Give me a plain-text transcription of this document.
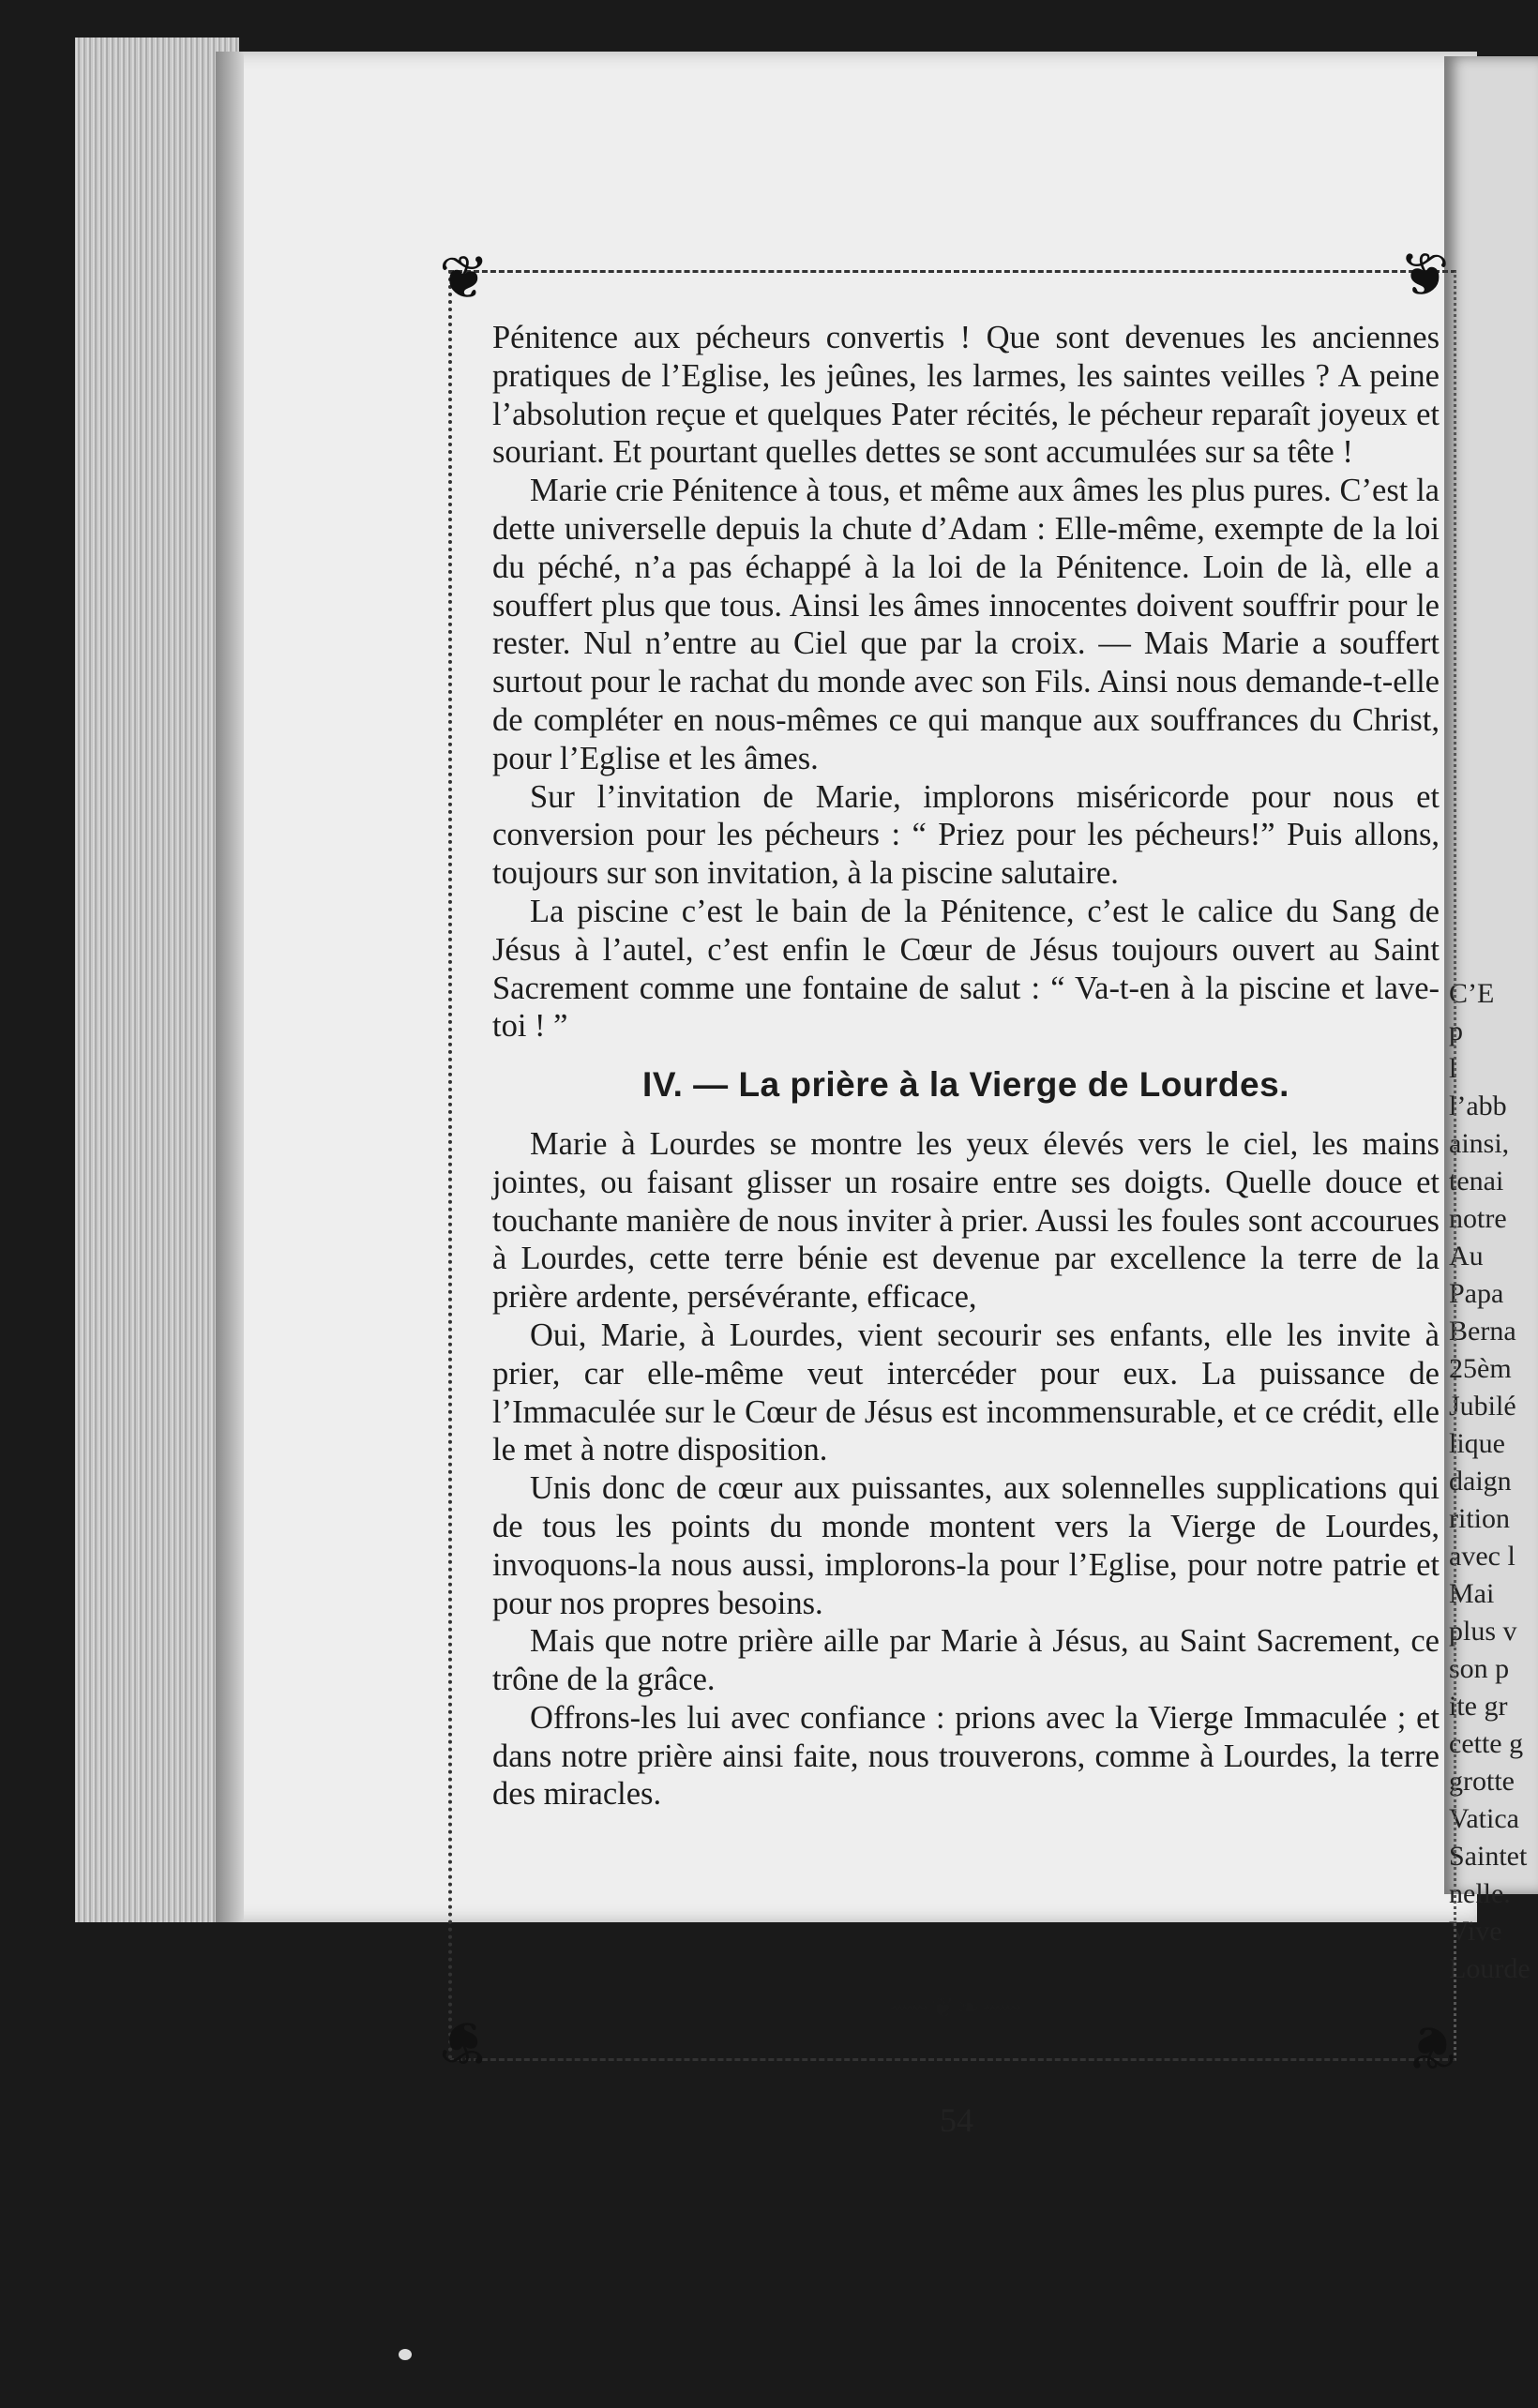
C’E
p
l
l’abb
ainsi,
tenai
notre
Au
Papa
Berna
25èm
Jubilé
lique
daign
rition
avec l
Mai
plus v
son p
ite gr
cette g
grotte
Vatica
Saintet
nelle.
Vive
Lourde
❦	❦
❦	❦

Pénitence aux pécheurs convertis ! Que sont devenues les anciennes pratiques de l’Eglise, les jeûnes, les larmes, les saintes veilles ? A peine l’absolution reçue et quelques Pater récités, le pécheur reparaît joyeux et souriant. Et pourtant quelles dettes se sont accumulées sur sa tête !

Marie crie Pénitence à tous, et même aux âmes les plus pures. C’est la dette universelle depuis la chute d’Adam : Elle-même, exempte de la loi du péché, n’a pas échappé à la loi de la Pénitence. Loin de là, elle a souffert plus que tous. Ainsi les âmes innocentes doivent souffrir pour le rester. Nul n’entre au Ciel que par la croix. — Mais Marie a souffert surtout pour le rachat du monde avec son Fils. Ainsi nous demande-t-elle de compléter en nous-mêmes ce qui manque aux souffrances du Christ, pour l’Eglise et les âmes.

Sur l’invitation de Marie, implorons miséricorde pour nous et conversion pour les pécheurs : “ Priez pour les pécheurs!” Puis allons, toujours sur son invitation, à la piscine salutaire.

La piscine c’est le bain de la Pénitence, c’est le calice du Sang de Jésus à l’autel, c’est enfin le Cœur de Jésus toujours ouvert au Saint Sacrement comme une fontaine de salut : “ Va-t-en à la piscine et lave-toi ! ”

IV. — La prière à la Vierge de Lourdes.

Marie à Lourdes se montre les yeux élevés vers le ciel, les mains jointes, ou faisant glisser un rosaire entre ses doigts. Quelle douce et touchante manière de nous inviter à prier. Aussi les foules sont accourues à Lourdes, cette terre bénie est devenue par excellence la terre de la prière ardente, persévérante, efficace,

Oui, Marie, à Lourdes, vient secourir ses enfants, elle les invite à prier, car elle-même veut intercéder pour eux. La puissance de l’Immaculée sur le Cœur de Jésus est incommensurable, et ce crédit, elle le met à notre disposition.

Unis donc de cœur aux puissantes, aux solennelles supplications qui de tous les points du monde montent vers la Vierge de Lourdes, invoquons-la nous aussi, implorons-la pour l’Eglise, pour notre patrie et pour nos propres besoins.

Mais que notre prière aille par Marie à Jésus, au Saint Sacrement, ce trône de la grâce.

Offrons-les lui avec confiance : prions avec la Vierge Immaculée ; et dans notre prière ainsi faite, nous trouverons, comme à Lourdes, la terre des miracles.

⟿❦❧⟿
54
